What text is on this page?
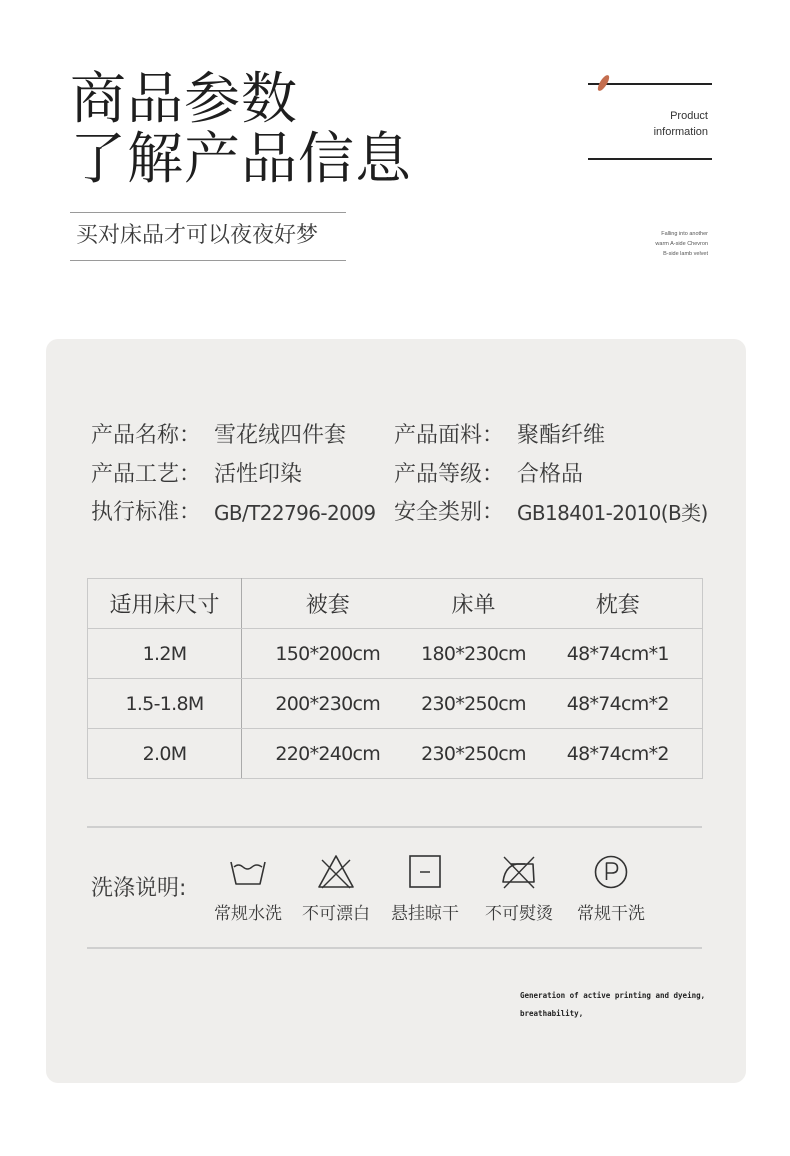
商品参数
了解产品信息
买对床品才可以夜夜好梦
Product
information
Falling into another
warm A-side Chevron
B-side lamb velvet
产品名称： 雪花绒四件套 产品面料： 聚酯纤维
产品工艺： 活性印染	产品等级： 合格品
执行标准： GB/T22796-2009 安全类别： GB18401-2010(B类)
适用床尺寸	被套	床单	枕套
1.2M	150*200cm	180*230cm	48*74cm*1
1.5-1.8M	200*230cm	230*250cm	48*74cm*2
2.0M	220*240cm	230*250cm	48*74cm*2
洗涤说明:
常规水洗	不可漂白	悬挂晾干	不可熨烫	常规干洗
Generation of active printing and dyeing,
breathability,
